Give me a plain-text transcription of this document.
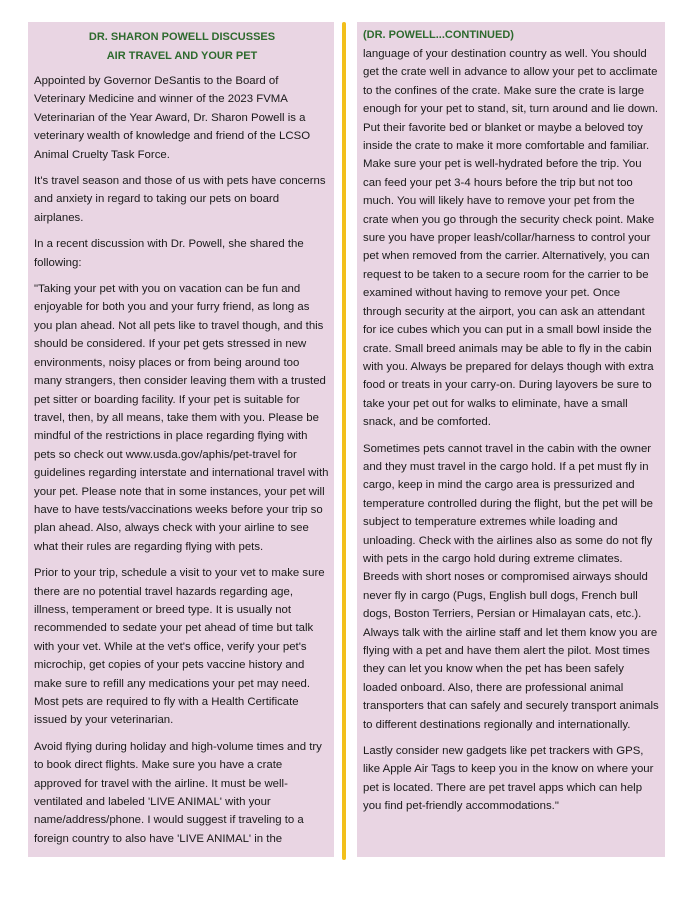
DR. SHARON POWELL DISCUSSES
AIR TRAVEL AND YOUR PET

Appointed by Governor DeSantis to the Board of Veterinary Medicine and winner of the 2023 FVMA Veterinarian of the Year Award, Dr. Sharon Powell is a veterinary wealth of knowledge and friend of the LCSO Animal Cruelty Task Force.

It's travel season and those of us with pets have concerns and anxiety in regard to taking our pets on board airplanes.

In a recent discussion with Dr. Powell, she shared the following:

"Taking your pet with you on vacation can be fun and enjoyable for both you and your furry friend, as long as you plan ahead. Not all pets like to travel though, and this should be considered. If your pet gets stressed in new environments, noisy places or from being around too many strangers, then consider leaving them with a trusted pet sitter or boarding facility. If your pet is suitable for travel, then, by all means, take them with you. Please be mindful of the restrictions in place regarding flying with pets so check out www.usda.gov/aphis/pet-travel for guidelines regarding interstate and international travel with your pet. Please note that in some instances, your pet will have to have tests/vaccinations weeks before your trip so plan ahead. Also, always check with your airline to see what their rules are regarding flying with pets.

Prior to your trip, schedule a visit to your vet to make sure there are no potential travel hazards regarding age, illness, temperament or breed type. It is usually not recommended to sedate your pet ahead of time but talk with your vet. While at the vet's office, verify your pet's microchip, get copies of your pets vaccine history and make sure to refill any medications your pet may need. Most pets are required to fly with a Health Certificate issued by your veterinarian.

Avoid flying during holiday and high-volume times and try to book direct flights. Make sure you have a crate approved for travel with the airline. It must be well-ventilated and labeled 'LIVE ANIMAL' with your name/address/phone. I would suggest if traveling to a foreign country to also have 'LIVE ANIMAL' in the

(DR. POWELL...CONTINUED)

language of your destination country as well. You should get the crate well in advance to allow your pet to acclimate to the confines of the crate. Make sure the crate is large enough for your pet to stand, sit, turn around and lie down. Put their favorite bed or blanket or maybe a beloved toy inside the crate to make it more comfortable and familiar. Make sure your pet is well-hydrated before the trip. You can feed your pet 3-4 hours before the trip but not too much. You will likely have to remove your pet from the crate when you go through the security check point. Make sure you have proper leash/collar/harness to control your pet when removed from the carrier. Alternatively, you can request to be taken to a secure room for the carrier to be examined without having to remove your pet. Once through security at the airport, you can ask an attendant for ice cubes which you can put in a small bowl inside the crate. Small breed animals may be able to fly in the cabin with you. Always be prepared for delays though with extra food or treats in your carry-on. During layovers be sure to take your pet out for walks to eliminate, have a small snack, and be comforted.

Sometimes pets cannot travel in the cabin with the owner and they must travel in the cargo hold. If a pet must fly in cargo, keep in mind the cargo area is pressurized and temperature controlled during the flight, but the pet will be subject to temperature extremes while loading and unloading. Check with the airlines also as some do not fly with pets in the cargo hold during extreme climates. Breeds with short noses or compromised airways should never fly in cargo (Pugs, English bull dogs, French bull dogs, Boston Terriers, Persian or Himalayan cats, etc.). Always talk with the airline staff and let them know you are flying with a pet and have them alert the pilot. Most times they can let you know when the pet has been safely loaded onboard. Also, there are professional animal transporters that can safely and securely transport animals to different destinations regionally and internationally.

Lastly consider new gadgets like pet trackers with GPS, like Apple Air Tags to keep you in the know on where your pet is located. There are pet travel apps which can help you find pet-friendly accommodations."
